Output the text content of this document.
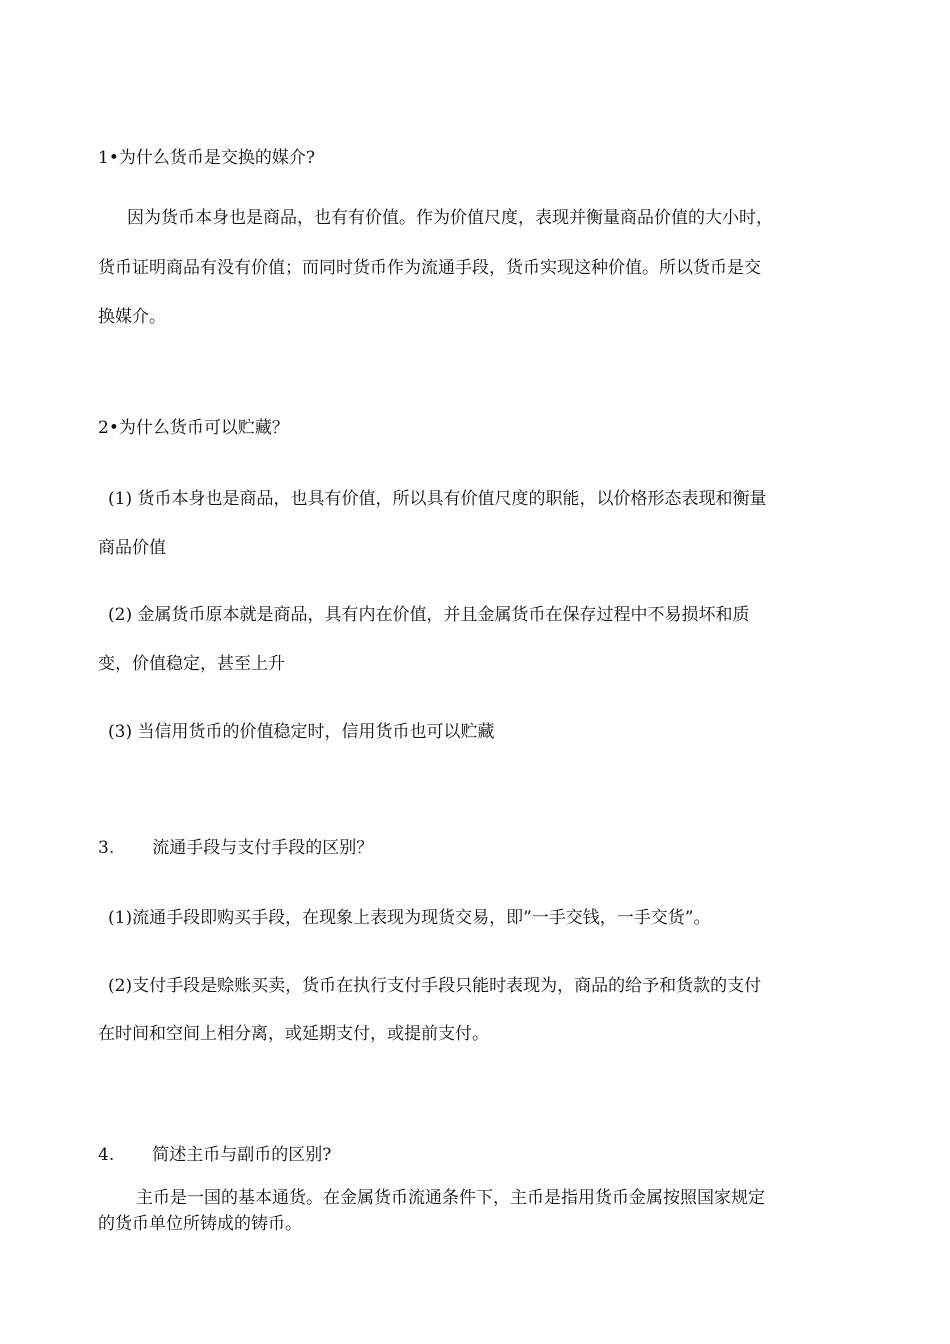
1•为什么货币是交换的媒介?

因为货币本身也是商品，也有有价值。作为价值尺度，表现并衡量商品价值的大小时，

货币证明商品有没有价值；而同时货币作为流通手段，货币实现这种价值。所以货币是交

换媒介。

2•为什么货币可以贮藏？

(1) 货币本身也是商品，也具有价值，所以具有价值尺度的职能，以价格形态表现和衡量

商品价值

(2) 金属货币原本就是商品，具有内在价值，并且金属货币在保存过程中不易损坏和质

变，价值稳定，甚至上升

(3) 当信用货币的价值稳定时，信用货币也可以贮藏

3. 流通手段与支付手段的区别？

(1)流通手段即购买手段，在现象上表现为现货交易，即”一手交钱，一手交货”。

(2)支付手段是赊账买卖，货币在执行支付手段只能时表现为，商品的给予和货款的支付

在时间和空间上相分离，或延期支付，或提前支付。

4. 简述主币与副币的区别?

主币是一国的基本通货。在金属货币流通条件下，主币是指用货币金属按照国家规定

的货币单位所铸成的铸币。
